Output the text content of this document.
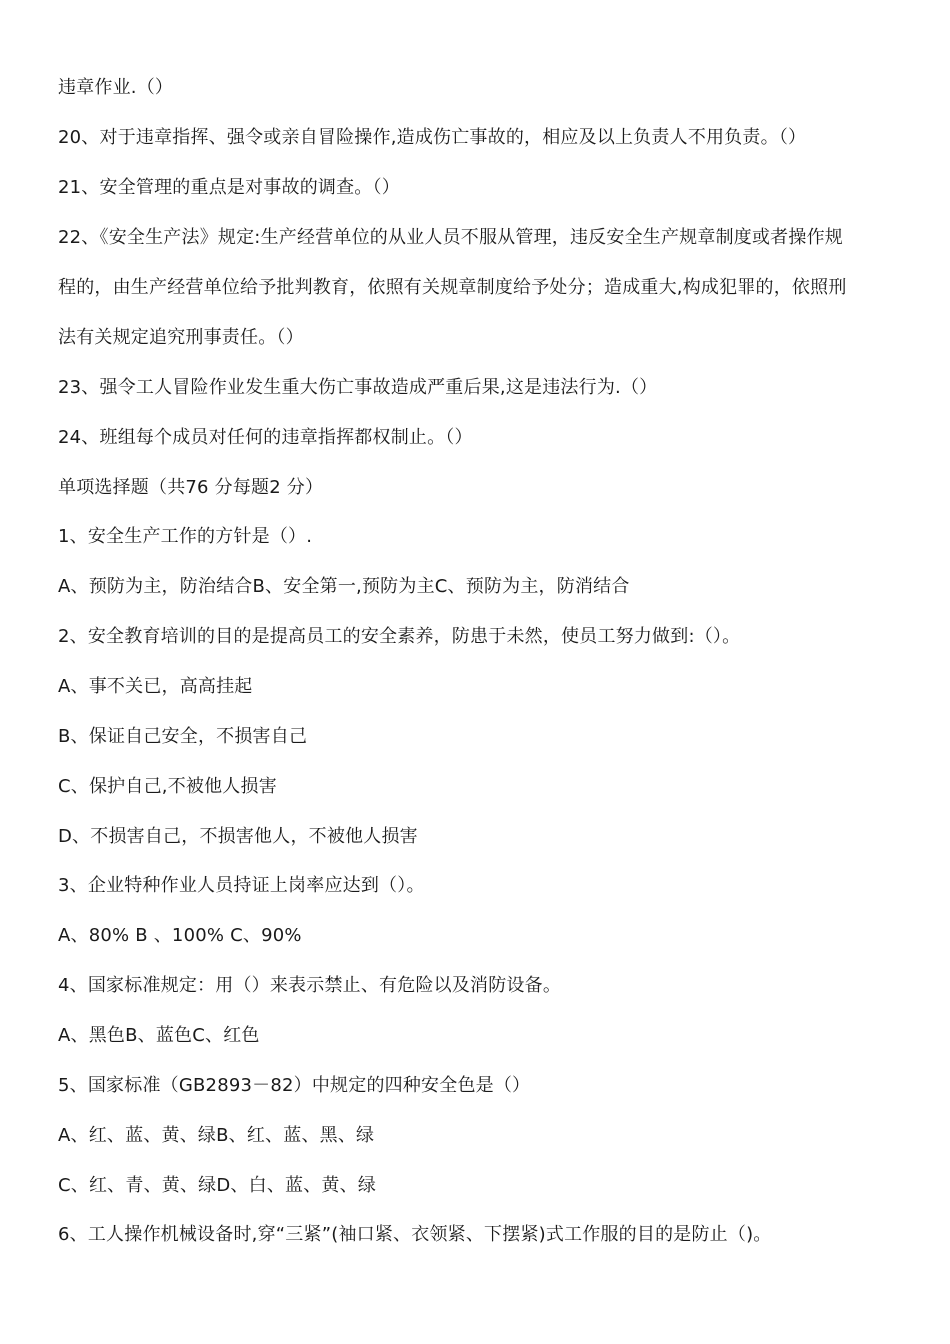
违章作业.（）
20、对于违章指挥、强令或亲自冒险操作,造成伤亡事故的，相应及以上负责人不用负责。（）
21、安全管理的重点是对事故的调查。（）
22、《安全生产法》规定:生产经营单位的从业人员不服从管理，违反安全生产规章制度或者操作规
程的，由生产经营单位给予批判教育，依照有关规章制度给予处分；造成重大,构成犯罪的，依照刑
法有关规定追究刑事责任。（）
23、强令工人冒险作业发生重大伤亡事故造成严重后果,这是违法行为.（）
24、班组每个成员对任何的违章指挥都权制止。（）
单项选择题（共76 分每题2 分）
1、安全生产工作的方针是（）.
A、预防为主，防治结合B、安全第一,预防为主C、预防为主，防消结合
2、安全教育培训的目的是提高员工的安全素养，防患于未然，使员工努力做到:（）。
A、事不关已，高高挂起
B、保证自己安全，不损害自己
C、保护自己,不被他人损害
D、不损害自己，不损害他人，不被他人损害
3、企业特种作业人员持证上岗率应达到（）。
A、80% B 、100% C、90%
4、国家标准规定：用（）来表示禁止、有危险以及消防设备。
A、黑色B、蓝色C、红色
5、国家标准（GB2893－82）中规定的四种安全色是（）
A、红、蓝、黄、绿B、红、蓝、黑、绿
C、红、青、黄、绿D、白、蓝、黄、绿
6、工人操作机械设备时,穿“三紧”(袖口紧、衣领紧、下摆紧)式工作服的目的是防止（)。
